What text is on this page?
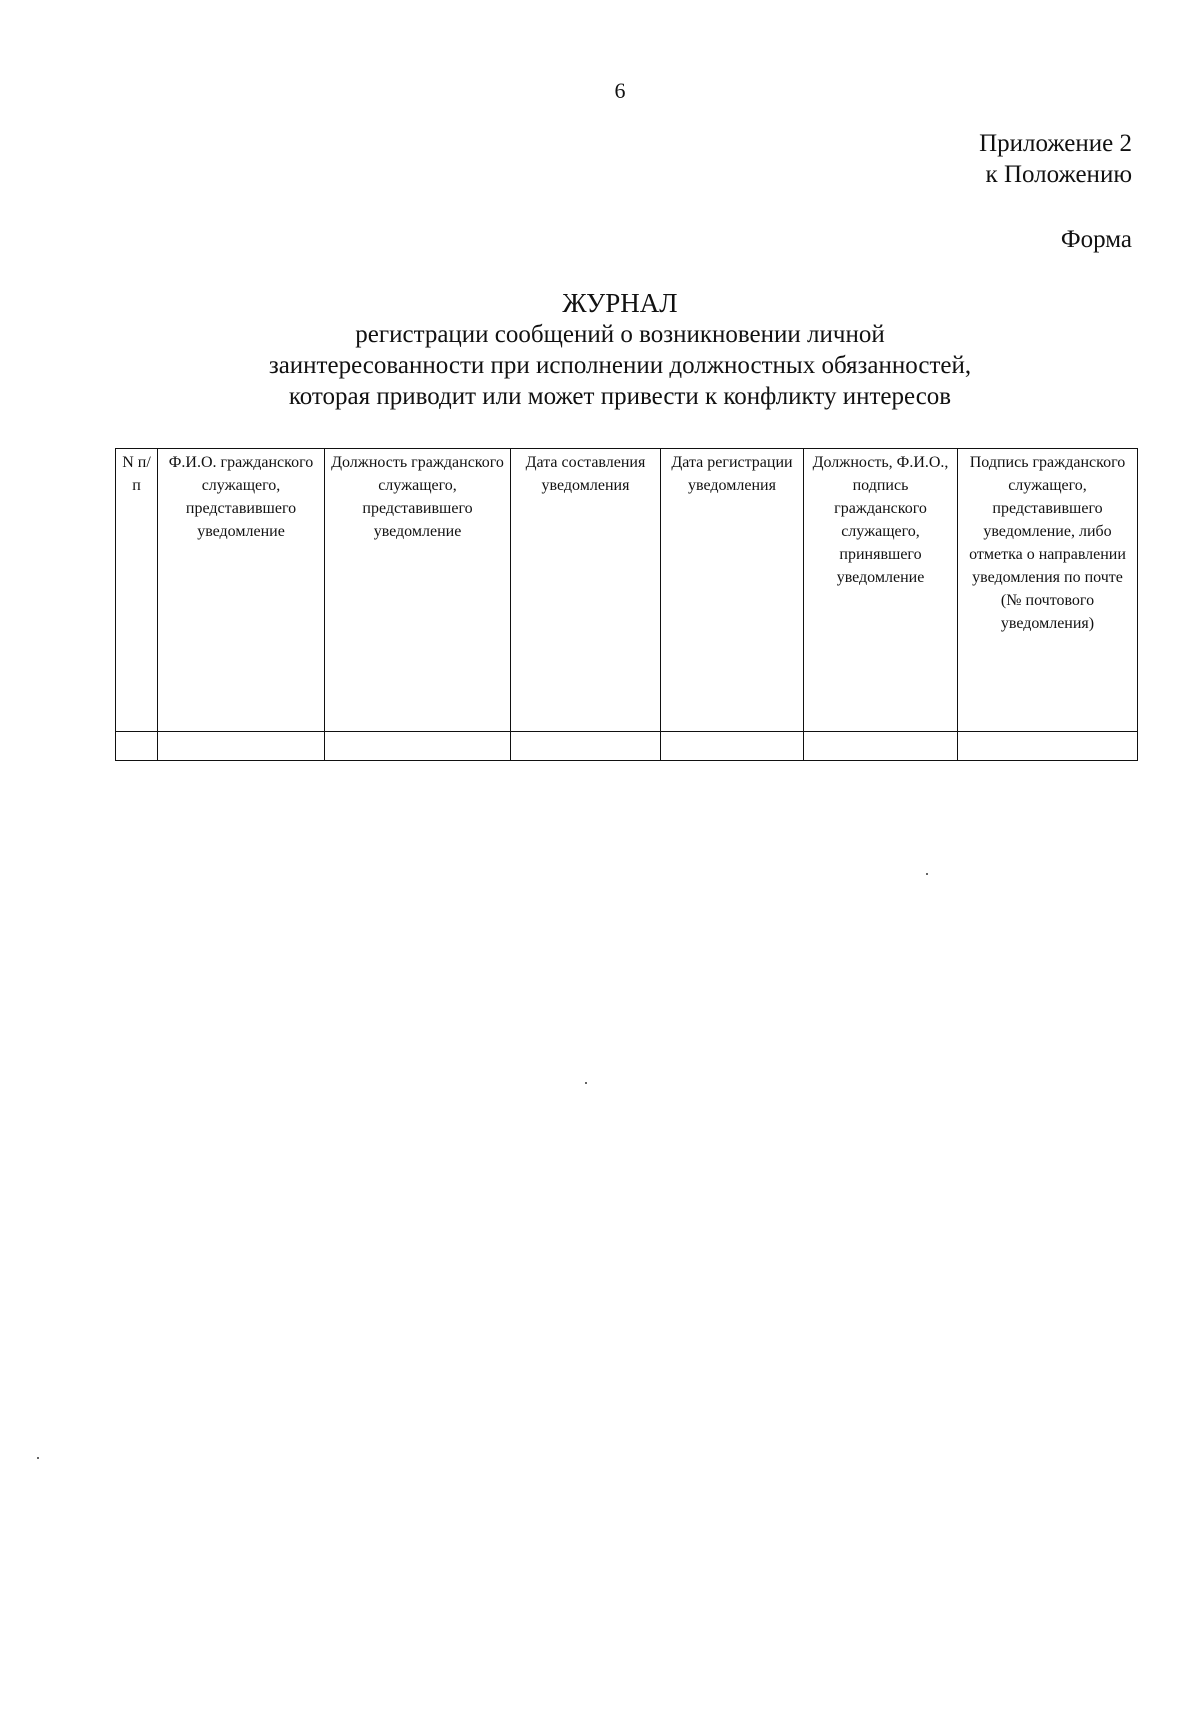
6
Приложение 2
к Положению
Форма
ЖУРНАЛ
регистрации сообщений о возникновении личной
заинтересованности при исполнении должностных обязанностей,
которая приводит или может привести к конфликту интересов
N п/п	Ф.И.О. гражданского служащего, представившего уведомление	Должность гражданского служащего, представившего уведомление	Дата составления уведомления	Дата регистрации уведомления	Должность, Ф.И.О., подпись гражданского служащего, принявшего уведомление	Подпись гражданского служащего, представившего уведомление, либо отметка о направлении уведомления по почте (№ почтового уведомления)
